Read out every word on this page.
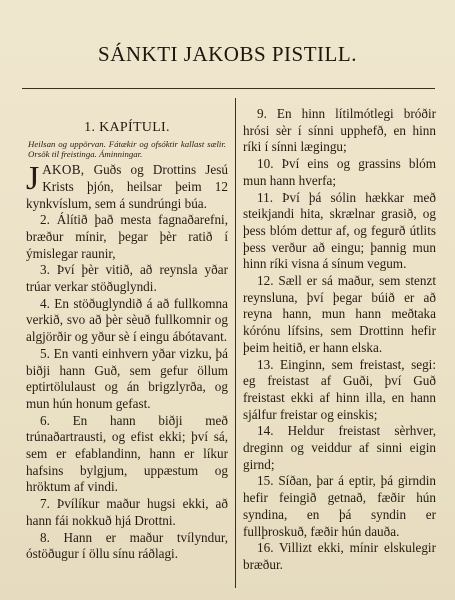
SÁNKTI JAKOBS PISTILL.
1. KAPÍTULI.
Heilsan og uppörvan. Fátækir og ofsóktir kallast sælir. Orsök til freistinga. Áminningar.

JAKOB, Guðs og Drottins Jesú Krists þjón, heilsar þeim 12 kynkvíslum, sem á sundrúngi búa.

2. Álítið það mesta fagnaðarefni, bræður mínir, þegar þèr ratið í ýmislegar raunir,

3. Því þèr vitið, að reynsla yðar trúar verkar stöðuglyndi.

4. En stöðuglyndið á að fullkomna verkið, svo að þèr sèuð fullkomnir og algjörðir og yður sè í eingu ábótavant.

5. En vanti einhvern yðar vizku, þá biðji hann Guð, sem gefur öllum eptirtölulaust og án brigzlyrða, og mun hún honum gefast.

6. En hann biðji með trúnaðartrausti, og efist ekki; því sá, sem er efablandinn, hann er líkur hafsins bylgjum, uppæstum og hröktum af vindi.

7. Þvílíkur maður hugsi ekki, að hann fái nokkuð hjá Drottni.

8. Hann er maður tvílyndur, óstöðugur í öllu sínu ráðlagi.

9. En hinn lítilmótlegi bróðir hrósi sèr í sínni upphefð, en hinn ríki í sínni lægingu;

10. Því eins og grassins blóm mun hann hverfa;

11. Því þá sólin hækkar með steikjandi hita, skrælnar grasið, og þess blóm dettur af, og fegurð útlits þess verður að eingu; þannig mun hinn ríki visna á sínum vegum.

12. Sæll er sá maður, sem stenzt reynsluna, því þegar búið er að reyna hann, mun hann meðtaka kórónu lífsins, sem Drottinn hefir þeim heitið, er hann elska.

13. Einginn, sem freistast, segi: eg freistast af Guði, því Guð freistast ekki af hinn illa, en hann sjálfur freistar og einskis;

14. Heldur freistast sèrhver, dreginn og veiddur af sinni eigin girnd;

15. Síðan, þar á eptir, þá girndin hefir feingið getnað, fæðir hún syndina, en þá syndin er fullþroskuð, fæðir hún dauða.

16. Villizt ekki, mínir elskulegir bræður.
